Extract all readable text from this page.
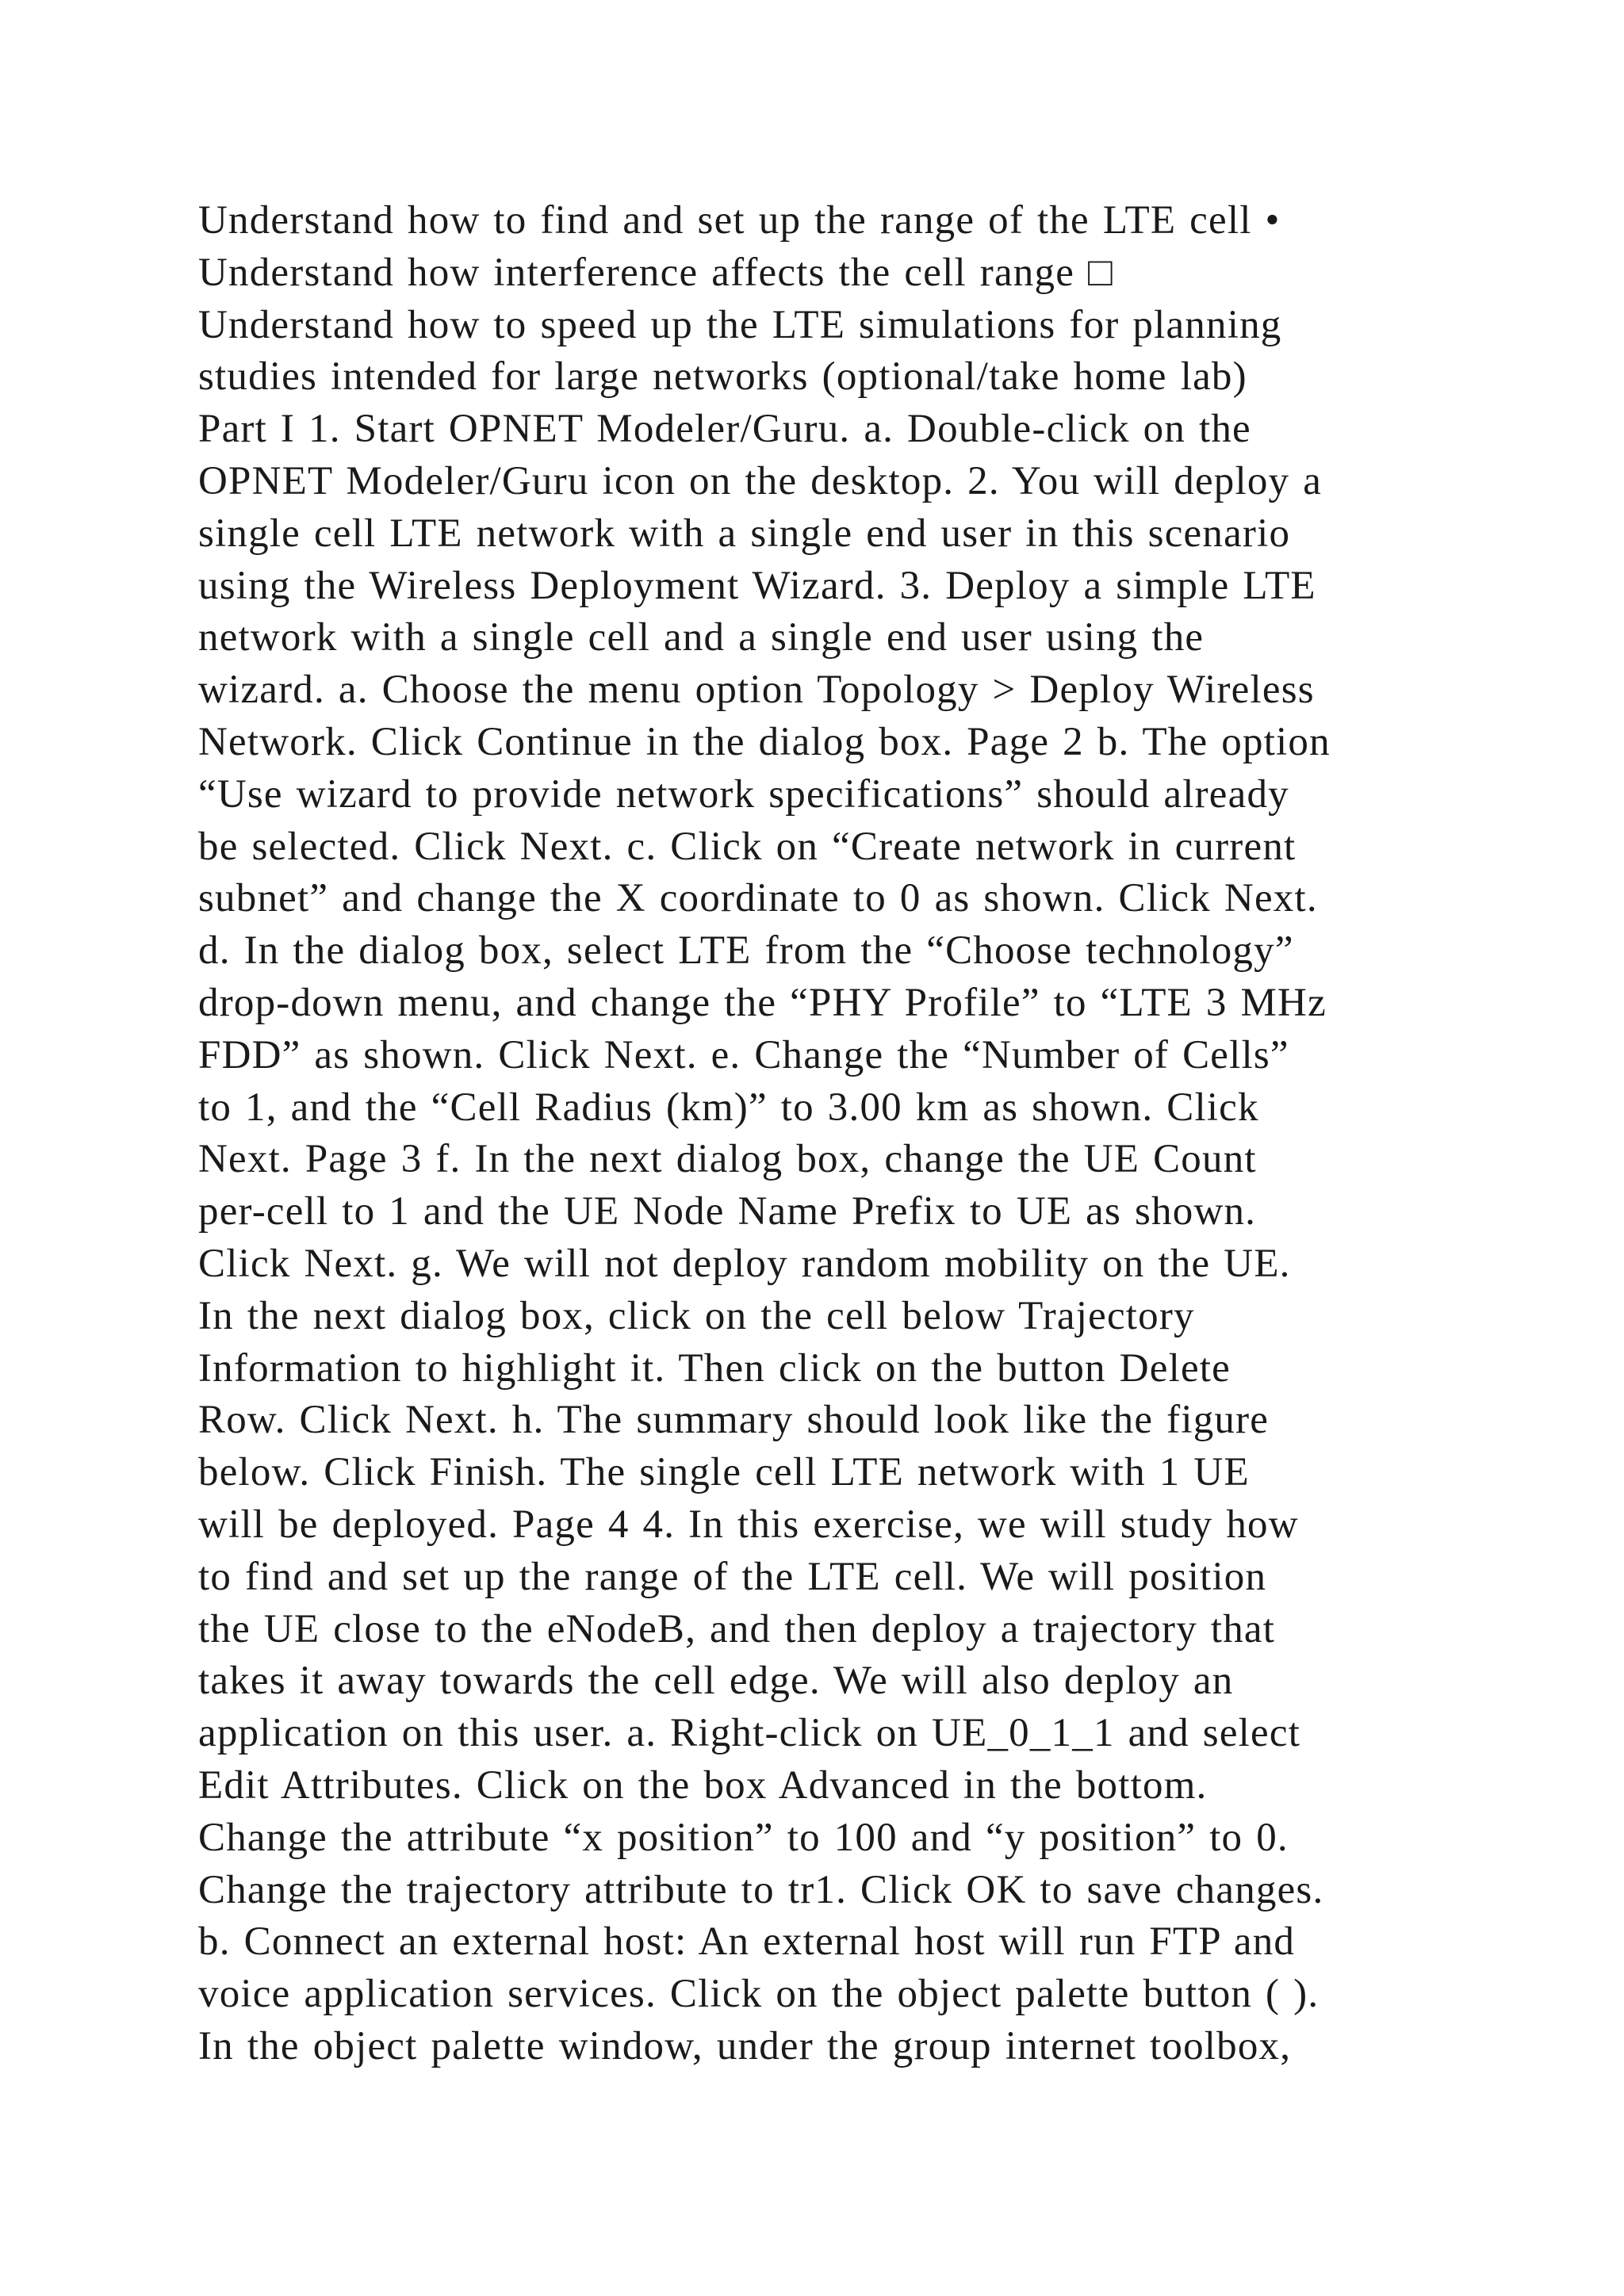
Understand how to find and set up the range of the LTE cell •
Understand how interference affects the cell range □
Understand how to speed up the LTE simulations for planning
studies intended for large networks (optional/take home lab)
Part I 1. Start OPNET Modeler/Guru. a. Double-click on the
OPNET Modeler/Guru icon on the desktop. 2. You will deploy a
single cell LTE network with a single end user in this scenario
using the Wireless Deployment Wizard. 3. Deploy a simple LTE
network with a single cell and a single end user using the
wizard. a. Choose the menu option Topology > Deploy Wireless
Network. Click Continue in the dialog box. Page 2 b. The option
“Use wizard to provide network specifications” should already
be selected. Click Next. c. Click on “Create network in current
subnet” and change the X coordinate to 0 as shown. Click Next.
d. In the dialog box, select LTE from the “Choose technology”
drop-down menu, and change the “PHY Profile” to “LTE 3 MHz
FDD” as shown. Click Next. e. Change the “Number of Cells”
to 1, and the “Cell Radius (km)” to 3.00 km as shown. Click
Next. Page 3 f. In the next dialog box, change the UE Count
per-cell to 1 and the UE Node Name Prefix to UE as shown.
Click Next. g. We will not deploy random mobility on the UE.
In the next dialog box, click on the cell below Trajectory
Information to highlight it. Then click on the button Delete
Row. Click Next. h. The summary should look like the figure
below. Click Finish. The single cell LTE network with 1 UE
will be deployed. Page 4 4. In this exercise, we will study how
to find and set up the range of the LTE cell. We will position
the UE close to the eNodeB, and then deploy a trajectory that
takes it away towards the cell edge. We will also deploy an
application on this user. a. Right-click on UE_0_1_1 and select
Edit Attributes. Click on the box Advanced in the bottom.
Change the attribute “x position” to 100 and “y position” to 0.
Change the trajectory attribute to tr1. Click OK to save changes.
b. Connect an external host: An external host will run FTP and
voice application services. Click on the object palette button ( ).
In the object palette window, under the group internet toolbox,
